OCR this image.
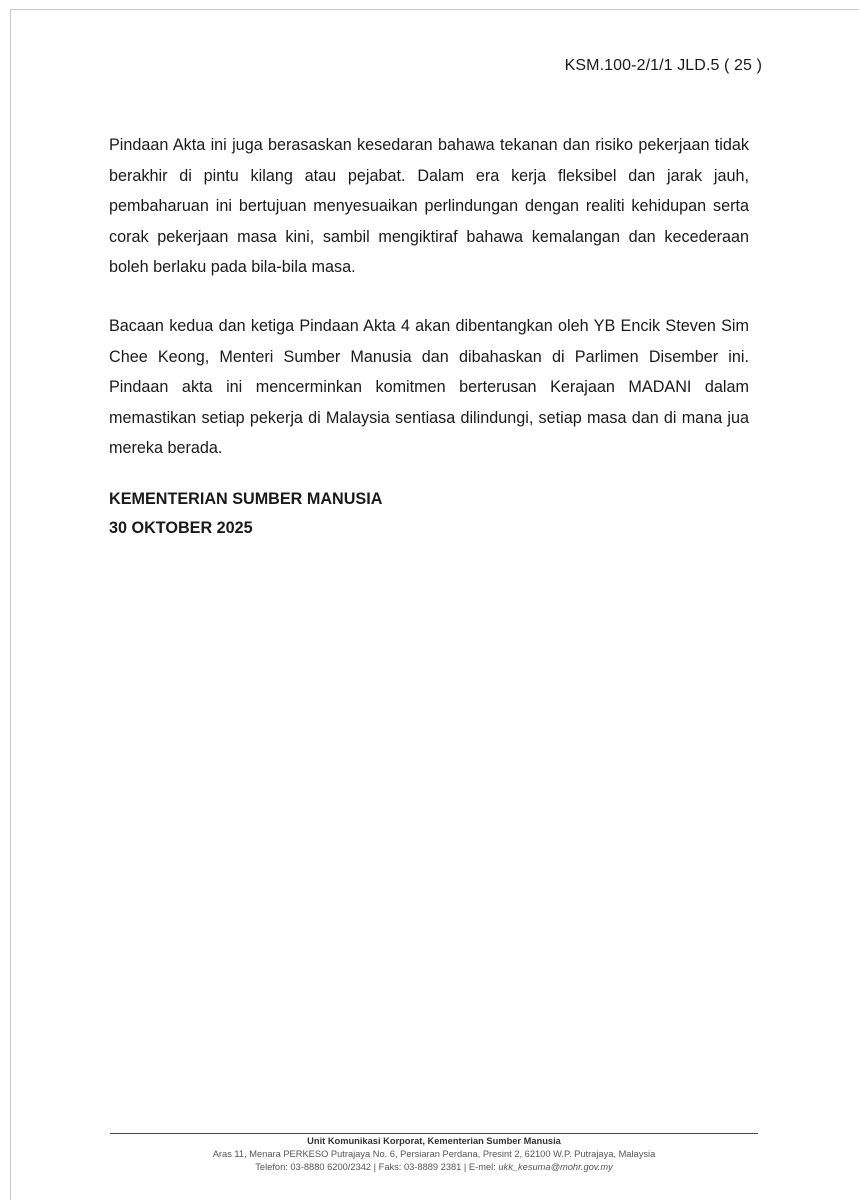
KSM.100-2/1/1 JLD.5 ( 25 )

Pindaan Akta ini juga berasaskan kesedaran bahawa tekanan dan risiko pekerjaan tidak berakhir di pintu kilang atau pejabat. Dalam era kerja fleksibel dan jarak jauh, pembaharuan ini bertujuan menyesuaikan perlindungan dengan realiti kehidupan serta corak pekerjaan masa kini, sambil mengiktiraf bahawa kemalangan dan kecederaan boleh berlaku pada bila-bila masa.

Bacaan kedua dan ketiga Pindaan Akta 4 akan dibentangkan oleh YB Encik Steven Sim Chee Keong, Menteri Sumber Manusia dan dibahaskan di Parlimen Disember ini. Pindaan akta ini mencerminkan komitmen berterusan Kerajaan MADANI dalam memastikan setiap pekerja di Malaysia sentiasa dilindungi, setiap masa dan di mana jua mereka berada.

KEMENTERIAN SUMBER MANUSIA
30 OKTOBER 2025
Unit Komunikasi Korporat, Kementerian Sumber Manusia
Aras 11, Menara PERKESO Putrajaya No. 6, Persiaran Perdana, Presint 2, 62100 W.P. Putrajaya, Malaysia
Telefon: 03-8880 6200/2342 | Faks: 03-8889 2381 | E-mel: ukk_kesuma@mohr.gov.my
